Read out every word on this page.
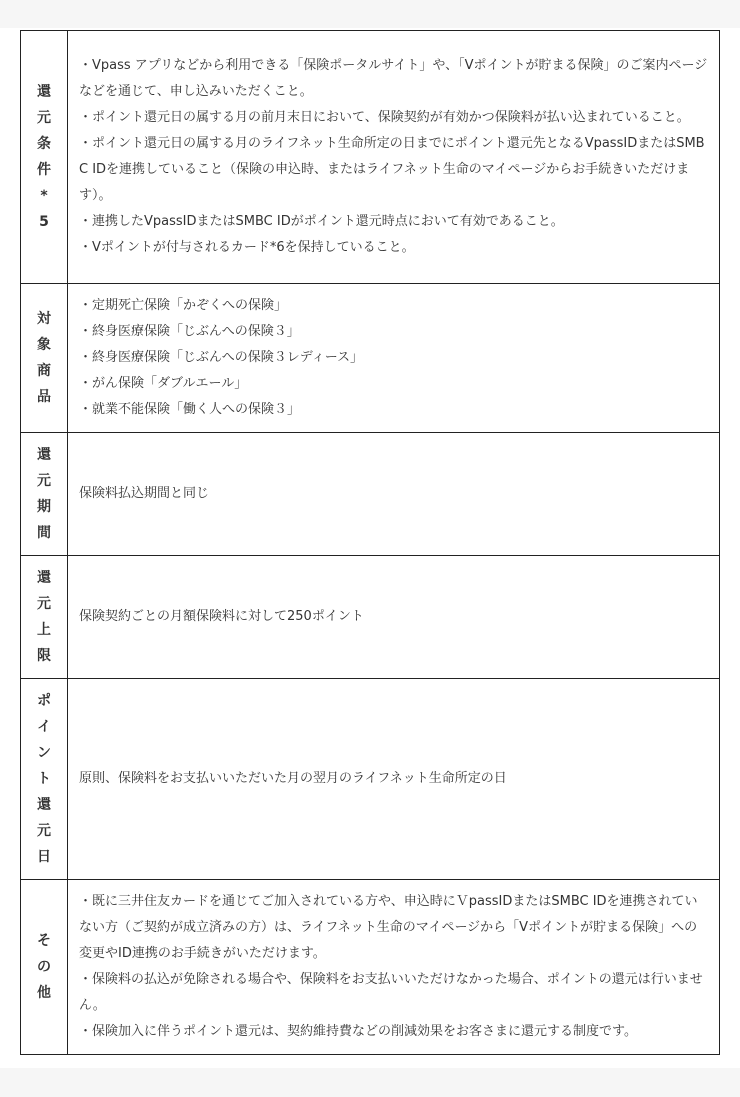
還元条件*5	・Vpass アプリなどから利用できる「保険ポータルサイト」や、「Vポイントが貯まる保険」のご案内ページなどを通じて、申し込みいただくこと。

・ポイント還元日の属する月の前月末日において、保険契約が有効かつ保険料が払い込まれていること。

・ポイント還元日の属する月のライフネット生命所定の日までにポイント還元先となるVpassIDまたはSMBC IDを連携していること（保険の申込時、またはライフネット生命のマイページからお手続きいただけます）。

・連携したVpassIDまたはSMBC IDがポイント還元時点において有効であること。

・Vポイントが付与されるカード*6を保持していること。

対象商品	・定期死亡保険「かぞくへの保険」

・終身医療保険「じぶんへの保険３」

・終身医療保険「じぶんへの保険３レディース」

・がん保険「ダブルエール」

・就業不能保険「働く人への保険３」

還元期間	保険料払込期間と同じ

還元上限	保険契約ごとの月額保険料に対して250ポイント

ポイント還元日	原則、保険料をお支払いいただいた月の翌月のライフネット生命所定の日

その他	・既に三井住友カードを通じてご加入されている方や、申込時にＶpassIDまたはSMBC IDを連携されていない方（ご契約が成立済みの方）は、ライフネット生命のマイページから「Vポイントが貯まる保険」への変更やID連携のお手続きがいただけます。

・保険料の払込が免除される場合や、保険料をお支払いいただけなかった場合、ポイントの還元は行いません。

・保険加入に伴うポイント還元は、契約維持費などの削減効果をお客さまに還元する制度です。
